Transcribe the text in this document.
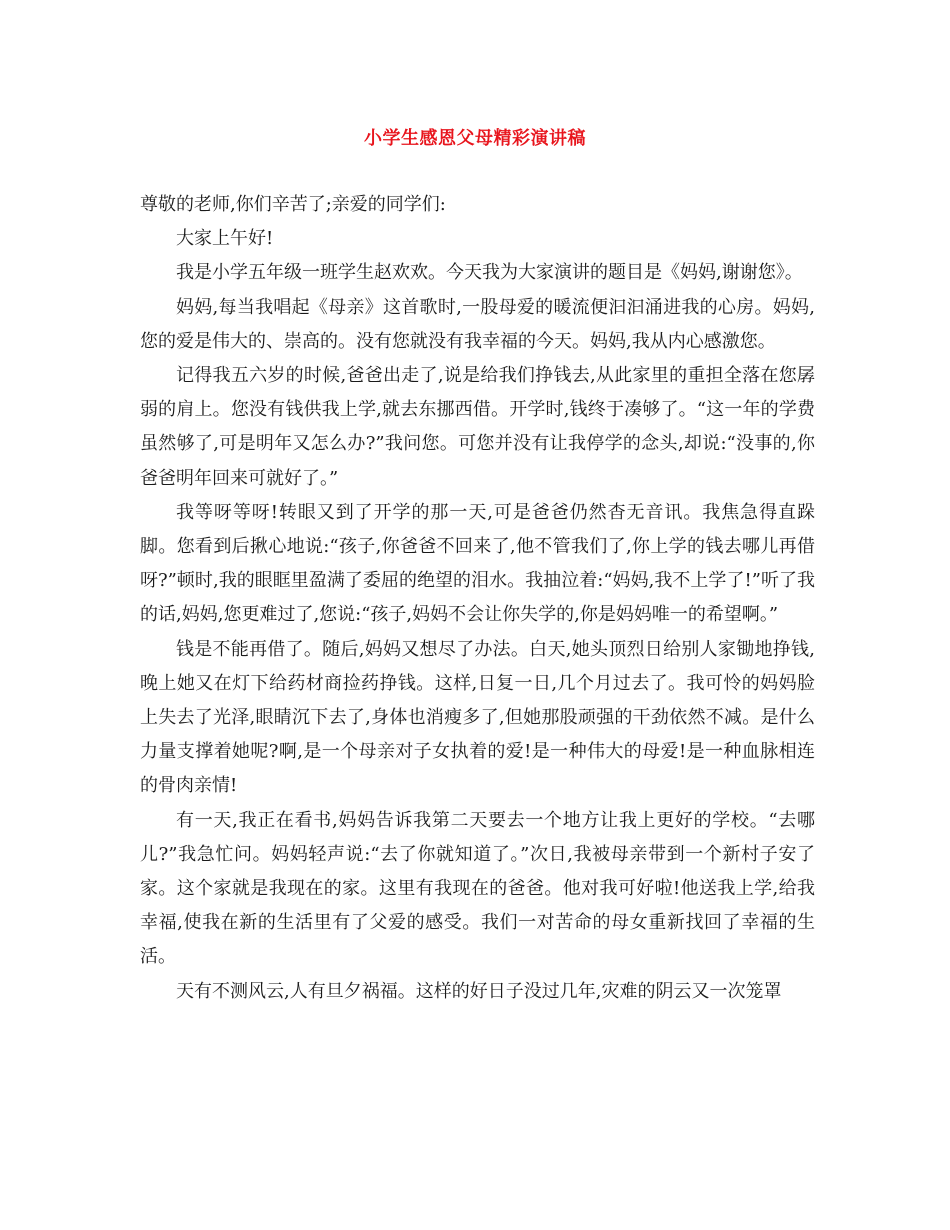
小学生感恩父母精彩演讲稿

尊敬的老师,你们辛苦了;亲爱的同学们:

大家上午好!

我是小学五年级一班学生赵欢欢。今天我为大家演讲的题目是《妈妈,谢谢您》。

妈妈,每当我唱起《母亲》这首歌时,一股母爱的暖流便汩汩涌进我的心房。妈妈,您的爱是伟大的、崇高的。没有您就没有我幸福的今天。妈妈,我从内心感激您。

记得我五六岁的时候,爸爸出走了,说是给我们挣钱去,从此家里的重担全落在您孱弱的肩上。您没有钱供我上学,就去东挪西借。开学时,钱终于凑够了。“这一年的学费虽然够了,可是明年又怎么办?”我问您。可您并没有让我停学的念头,却说:“没事的,你爸爸明年回来可就好了。”

我等呀等呀!转眼又到了开学的那一天,可是爸爸仍然杳无音讯。我焦急得直跺脚。您看到后揪心地说:“孩子,你爸爸不回来了,他不管我们了,你上学的钱去哪儿再借呀?”顿时,我的眼眶里盈满了委屈的绝望的泪水。我抽泣着:“妈妈,我不上学了!”听了我的话,妈妈,您更难过了,您说:“孩子,妈妈不会让你失学的,你是妈妈唯一的希望啊。”

钱是不能再借了。随后,妈妈又想尽了办法。白天,她头顶烈日给别人家锄地挣钱,晚上她又在灯下给药材商捡药挣钱。这样,日复一日,几个月过去了。我可怜的妈妈脸上失去了光泽,眼睛沉下去了,身体也消瘦多了,但她那股顽强的干劲依然不减。是什么力量支撑着她呢?啊,是一个母亲对子女执着的爱!是一种伟大的母爱!是一种血脉相连的骨肉亲情!

有一天,我正在看书,妈妈告诉我第二天要去一个地方让我上更好的学校。“去哪儿?”我急忙问。妈妈轻声说:“去了你就知道了。”次日,我被母亲带到一个新村子安了家。这个家就是我现在的家。这里有我现在的爸爸。他对我可好啦!他送我上学,给我幸福,使我在新的生活里有了父爱的感受。我们一对苦命的母女重新找回了幸福的生活。

天有不测风云,人有旦夕祸福。这样的好日子没过几年,灾难的阴云又一次笼罩
